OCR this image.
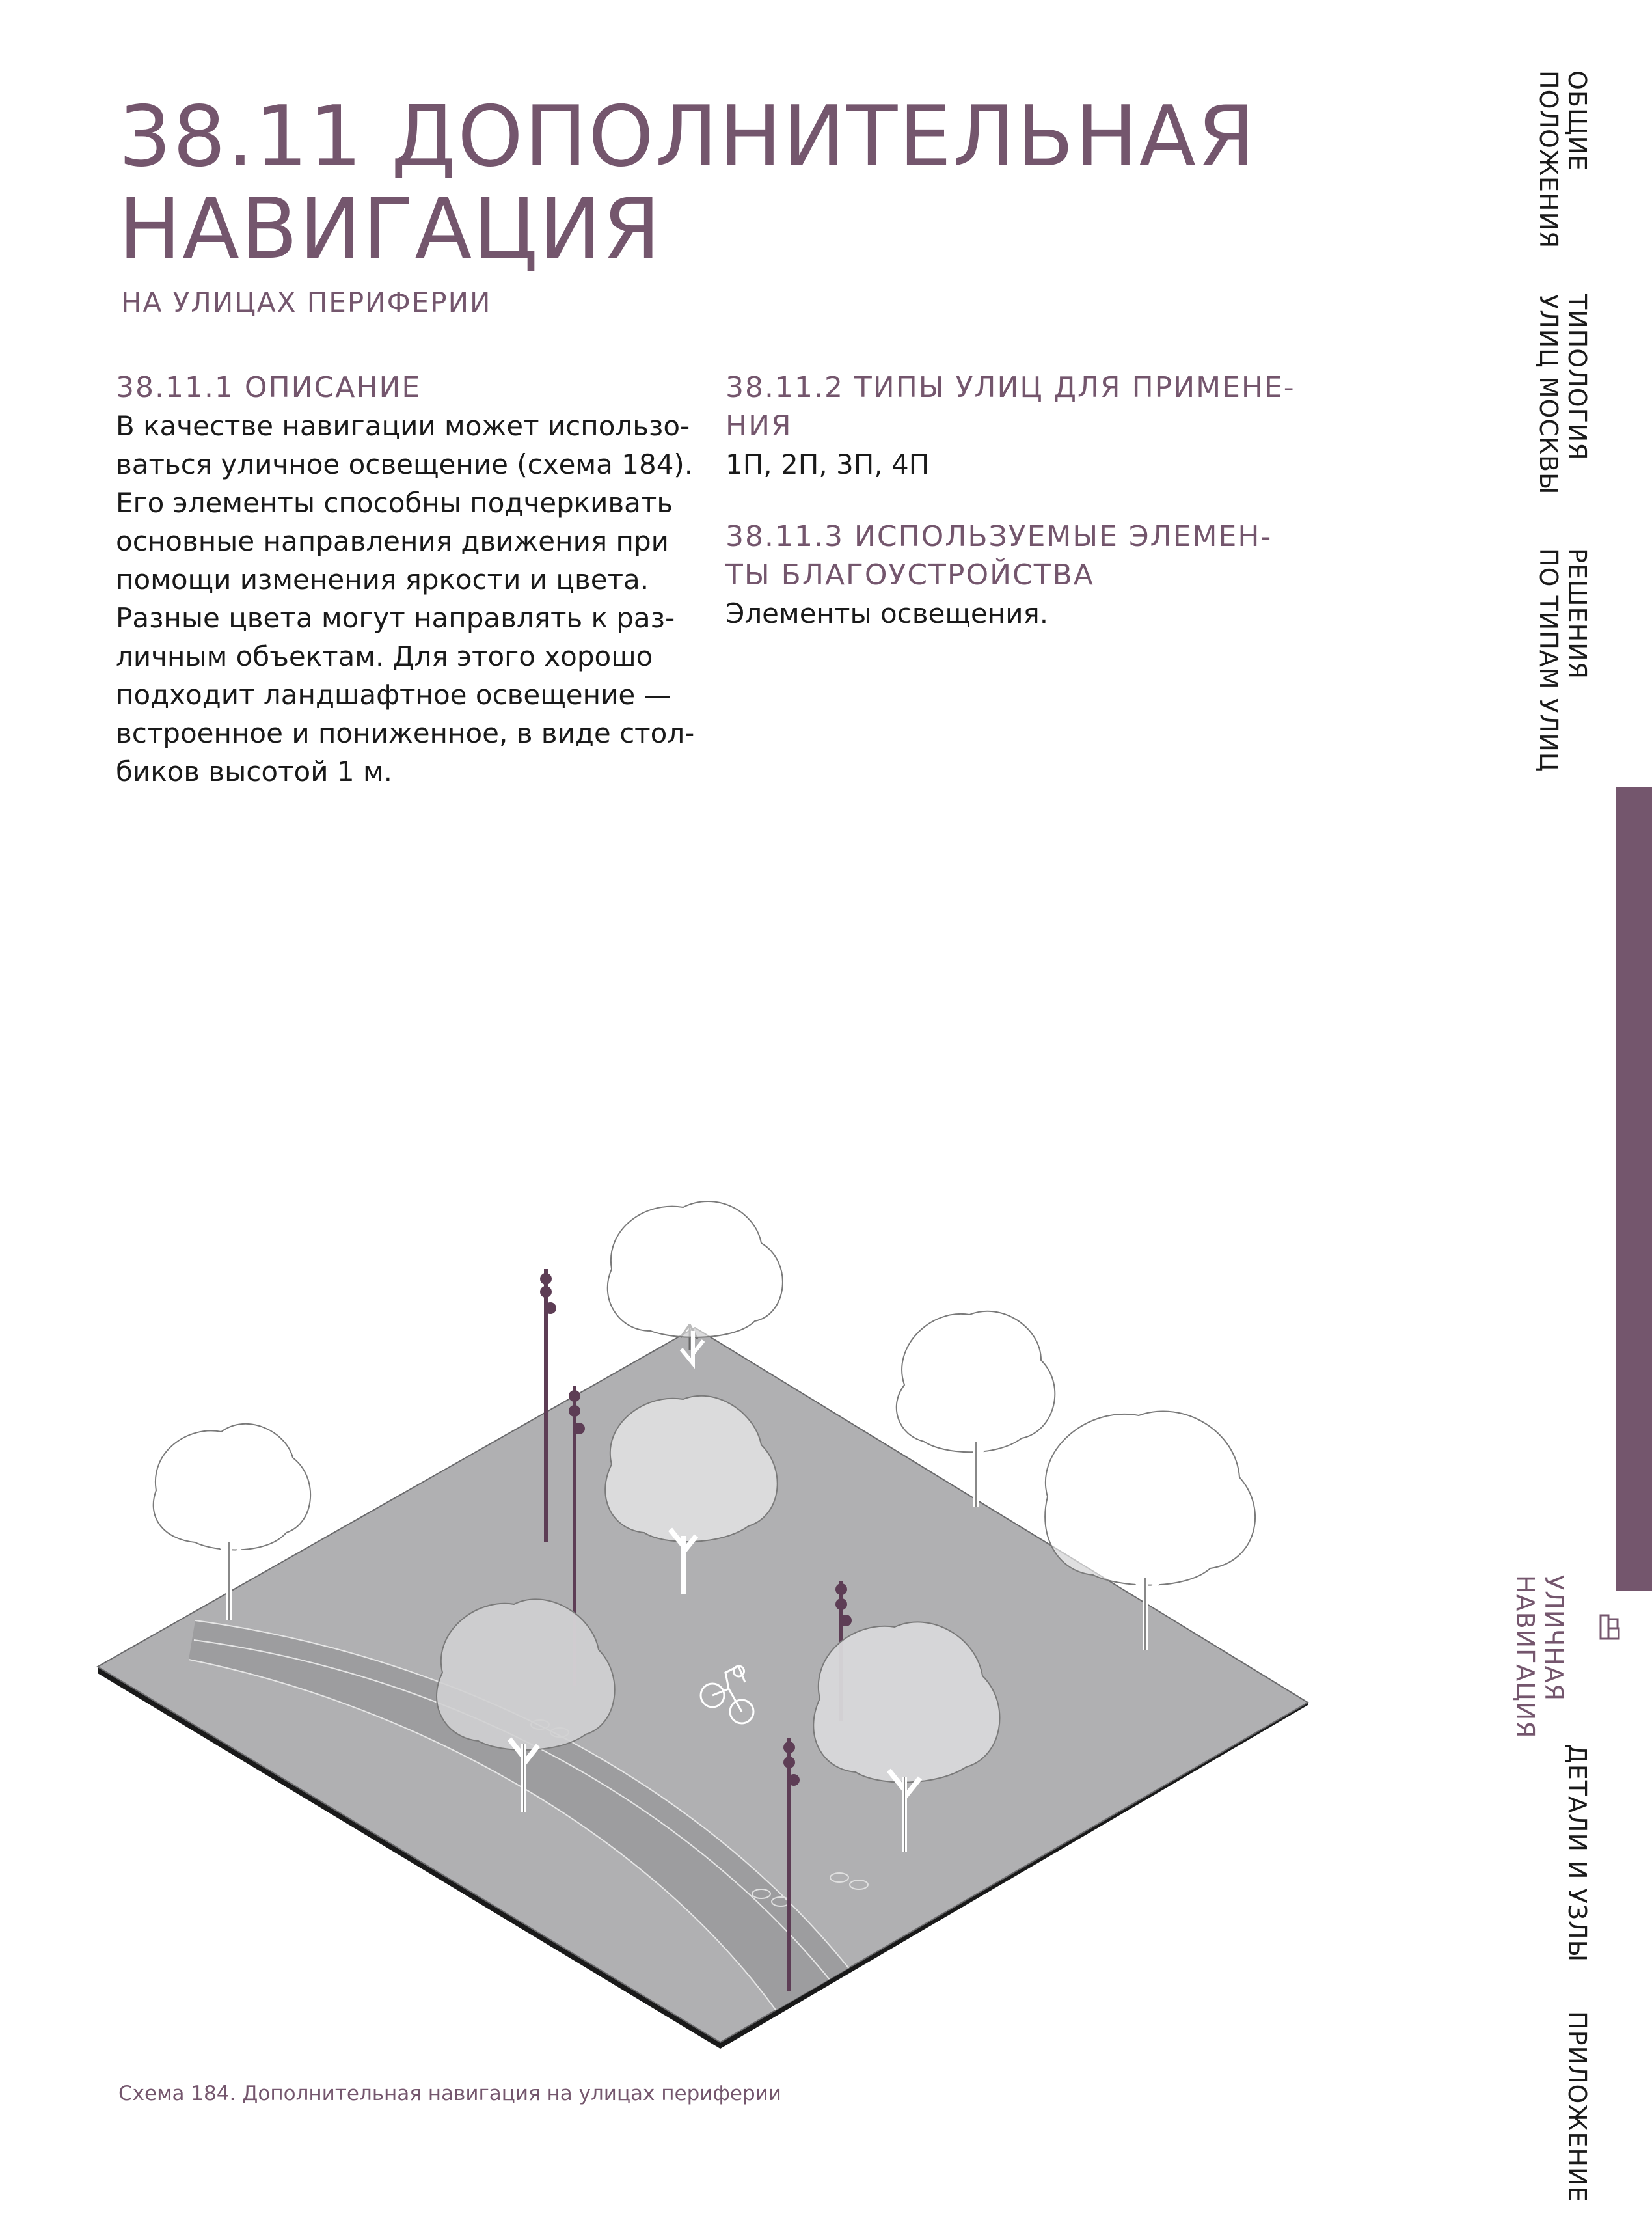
38.11 ДОПОЛНИТЕЛЬНАЯ
НАВИГАЦИЯ
НА УЛИЦАХ ПЕРИФЕРИИ
38.11.1 ОПИСАНИЕ

В качестве навигации может использо-
ваться уличное освещение (схема 184).
Его элементы способны подчеркивать
основные направления движения при
помощи изменения яркости и цвета.
Разные цвета могут направлять к раз-
личным объектам. Для этого хорошо
подходит ландшафтное освещение —
встроенное и пониженное, в виде стол-
биков высотой 1 м.

38.11.2 ТИПЫ УЛИЦ ДЛЯ ПРИМЕНЕ-
НИЯ

1П, 2П, 3П, 4П

38.11.3 ИСПОЛЬЗУЕМЫЕ ЭЛЕМЕН-
ТЫ БЛАГОУСТРОЙСТВА

Элементы освещения.

Схема 184. Дополнительная навигация на улицах периферии
ОБЩИЕ
ПОЛОЖЕНИЯ
ТИПОЛОГИЯ
УЛИЦ МОСКВЫ
РЕШЕНИЯ
ПО ТИПАМ УЛИЦ
УЛИЧНАЯ
НАВИГАЦИЯ
ДЕТАЛИ И УЗЛЫ
ПРИЛОЖЕНИЕ
